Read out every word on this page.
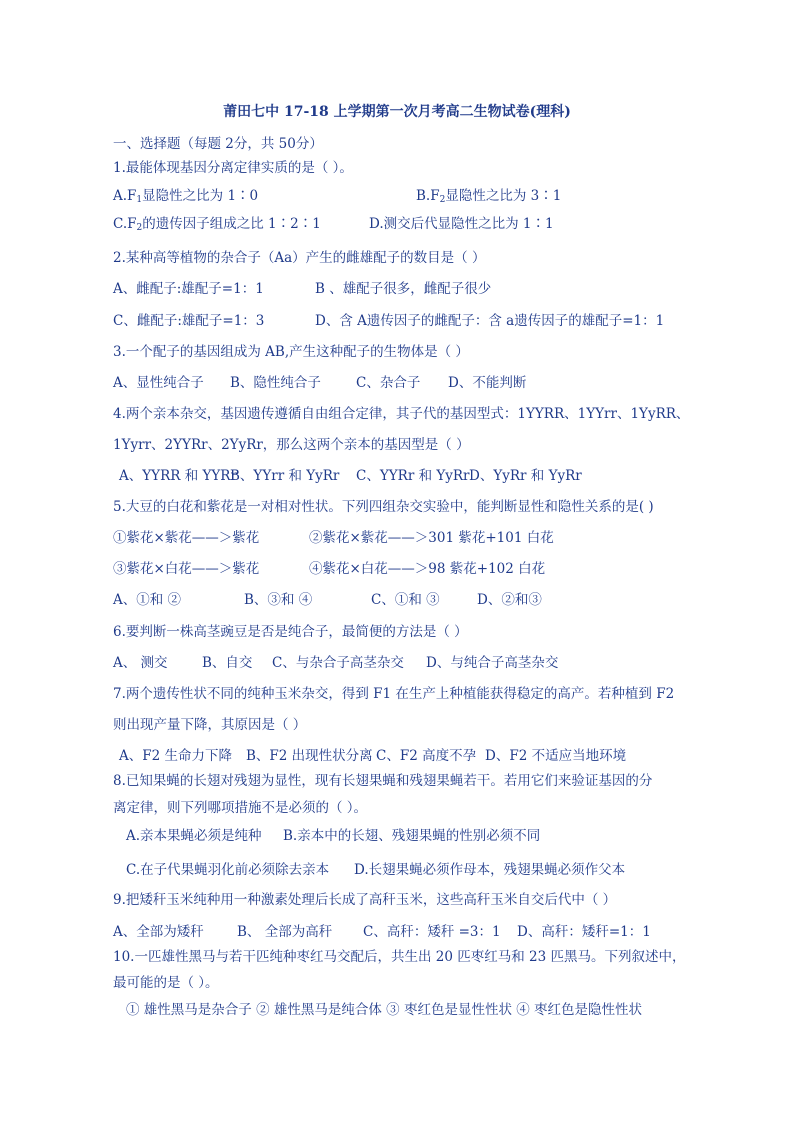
莆田七中 17-18 上学期第一次月考高二生物试卷(理科)
一、选择题（每题 2分，共 50分）
1.最能体现基因分离定律实质的是（ ）。
$A.F_1$显隐性之比为 1∶0	$B.F_2$显隐性之比为 3∶1
$C.F_2$的遗传因子组成之比 1∶2∶1	D.测交后代显隐性之比为 1∶1
2.某种高等植物的杂合子（Aa）产生的雌雄配子的数目是（ ）
A、雌配子:雄配子=1：1	B 、雄配子很多，雌配子很少
C、雌配子:雄配子=1：3	D、含 A遗传因子的雌配子：含 a遗传因子的雄配子=1：1
3.一个配子的基因组成为 AB,产生这种配子的生物体是（ ）
A、显性纯合子 B、隐性纯合子	C、杂合子 D、不能判断
4.两个亲本杂交，基因遗传遵循自由组合定律，其子代的基因型式：1YYRR、1YYrr、1YyRR、
1Yyrr、2YYRr、2YyRr，那么这两个亲本的基因型是（ ）
A、YYRR 和 YYRr
B、YYrr 和 YyRr C、YYRr 和 YyRr D、YyRr 和 YyRr
5.大豆的白花和紫花是一对相对性状。下列四组杂交实验中，能判断显性和隐性关系的是( )
①紫花×紫花——＞紫花	②紫花×紫花——＞301 紫花+101 白花
③紫花×白花——＞紫花	④紫花×白花——＞98 紫花+102 白花
A、①和 ②	B、③和 ④	C、①和 ③	D、②和③
6.要判断一株高茎豌豆是否是纯合子，最简便的方法是（ ）
A、 测交	B、自交 C、与杂合子高茎杂交 D、与纯合子高茎杂交
7.两个遗传性状不同的纯种玉米杂交，得到 F1 在生产上种植能获得稳定的高产。若种植到 F2
则出现产量下降，其原因是（ ）
A、F2 生命力下降 B、F2 出现性状分离 C、F2 高度不孕 D、F2 不适应当地环境
8.已知果蝇的长翅对残翅为显性，现有长翅果蝇和残翅果蝇若干。若用它们来验证基因的分
离定律，则下列哪项措施不是必须的（ ）。
A.亲本果蝇必须是纯种 B.亲本中的长翅、残翅果蝇的性别必须不同
C.在子代果蝇羽化前必须除去亲本 D.长翅果蝇必须作母本，残翅果蝇必须作父本
9.把矮秆玉米纯种用一种激素处理后长成了高秆玉米，这些高秆玉米自交后代中（ ）
A、全部为矮秆 B、 全部为高秆 C、高秆：矮秆 =3：1 D、高秆：矮秆=1：1
10.一匹雄性黑马与若干匹纯种枣红马交配后，共生出 20 匹枣红马和 23 匹黑马。下列叙述中，
最可能的是（ ）。
① 雄性黑马是杂合子 ② 雄性黑马是纯合体 ③ 枣红色是显性性状 ④ 枣红色是隐性性状
